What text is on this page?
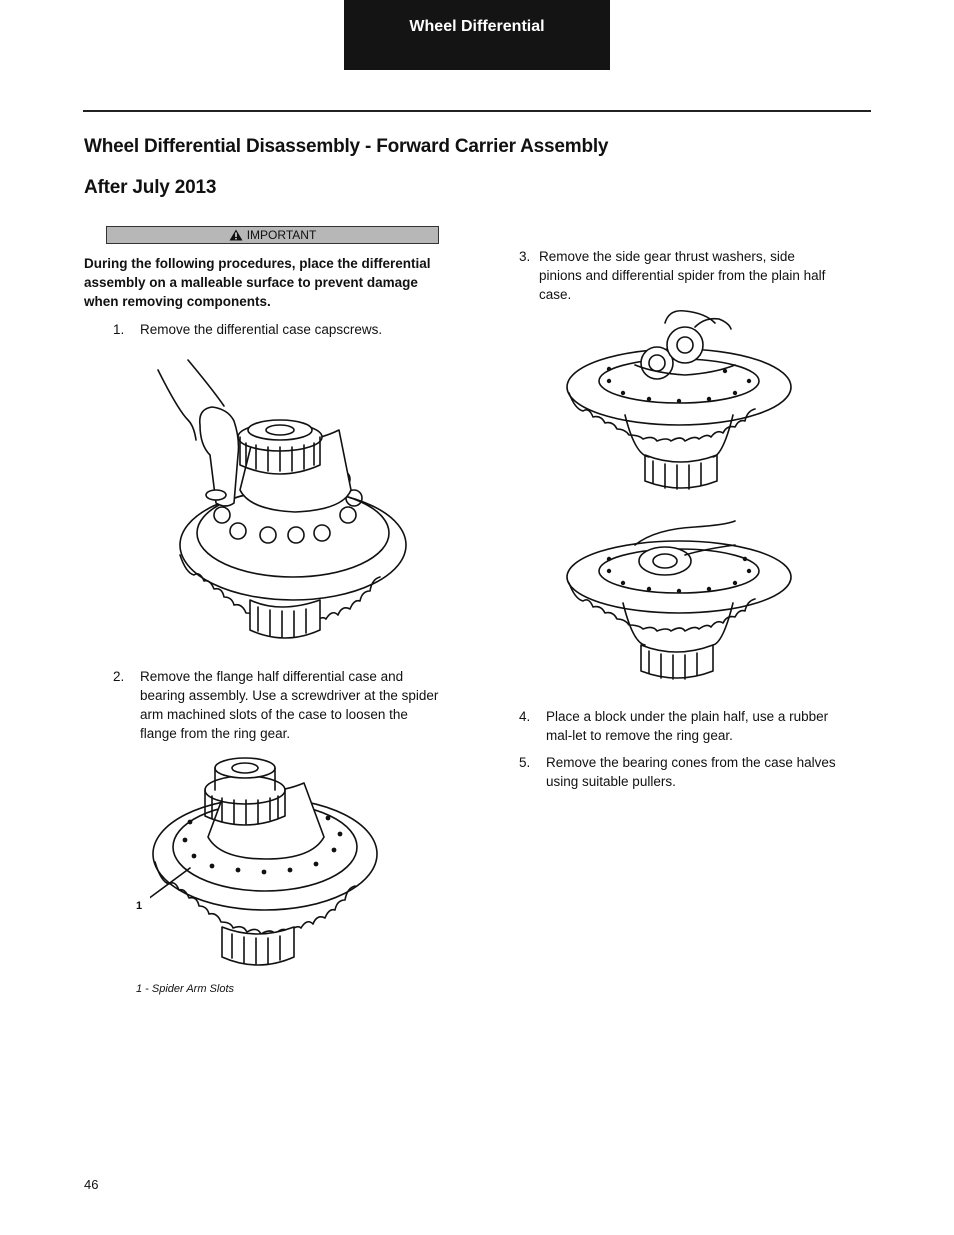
Wheel Differential
Wheel Differential Disassembly - Forward Carrier Assembly
After July 2013
IMPORTANT
During the following procedures, place the differential assembly on a malleable surface to prevent damage when removing components.
1. Remove the differential case capscrews.
2. Remove the flange half differential case and bearing assembly. Use a screwdriver at the spider arm machined slots of the case to loosen the flange from the ring gear.
1
1 - Spider Arm Slots
3. Remove the side gear thrust washers, side pinions and differential spider from the plain half case.
4. Place a block under the plain half, use a rubber mal-let to remove the ring gear.
5. Remove the bearing cones from the case halves using suitable pullers.
46
